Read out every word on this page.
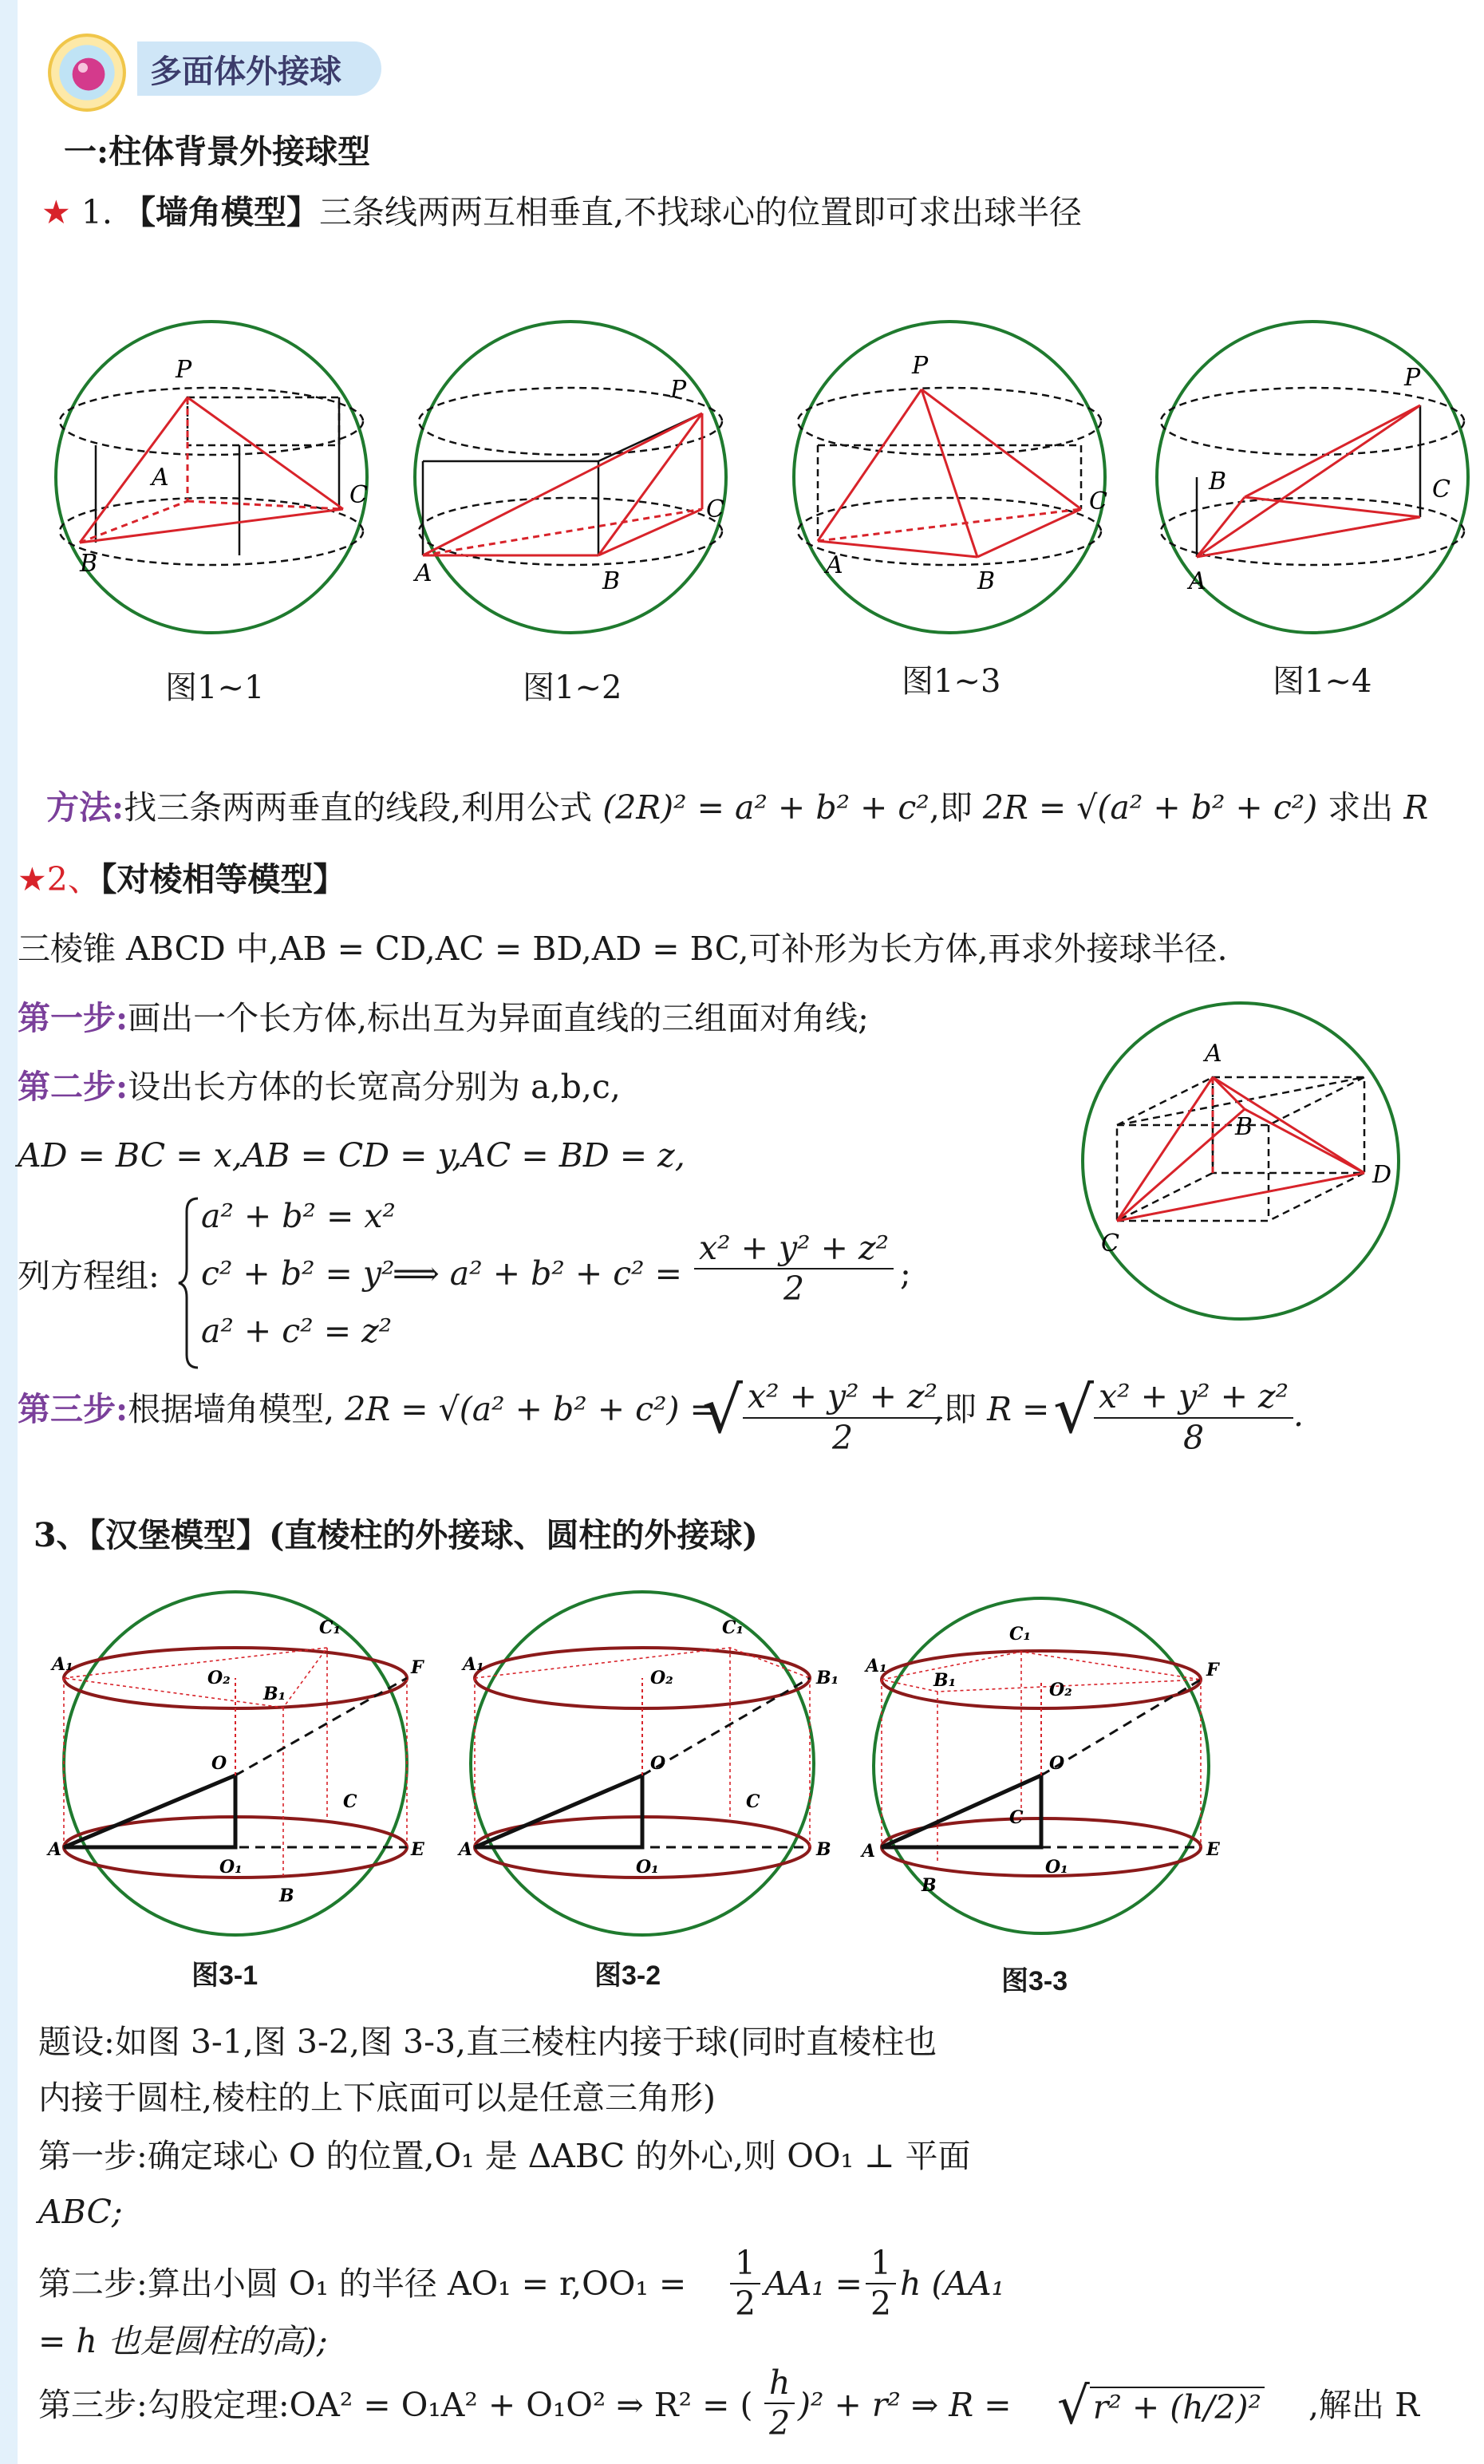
多面体外接球
一:柱体背景外接球型
★ 1. 【墙角模型】三条线两两互相垂直,不找球心的位置即可求出球半径
P
A
B
C
P
C
A	B
P
C
A
B
P
B	C
A
图1~1	图1~2	图1~3	图1~4
方法:找三条两两垂直的线段,利用公式 (2R)² = a² + b² + c²,即 2R = √(a² + b² + c²) 求出 R
★2、【对棱相等模型】
三棱锥 ABCD 中,AB = CD,AC = BD,AD = BC,可补形为长方体,再求外接球半径.
第一步:画出一个长方体,标出互为异面直线的三组面对角线;
第二步:设出长方体的长宽高分别为 a,b,c,
AD = BC = x,AB = CD = y,AC = BD = z,
列方程组:
a² + b² = x²
c² + b² = y²
a² + c² = z²
⟹ $a^2 + b^2 + c^2 = \frac{\text{x² + y² + z²}}{2}$ ;
A
B
D
C
第三步:根据墙角模型, 2R = √(a² + b² + c²) =
√ $\frac{\text{x² + y² + z²}}{2}$
,即 R = √ $\frac{\text{x² + y² + z²}}{8}$ .
3、【汉堡模型】(直棱柱的外接球、圆柱的外接球)
A₁
C₁
F
O₂
B₁
O
C
A	E
O₁
B
A₁
C₁
B₁
O₂
O
C
A	B
O₁
A₁
C₁
F
O₂
B₁
O
C
A	E
O₁
B
图3-1	图3-2	图3-3
题设:如图 3-1,图 3-2,图 3-3,直三棱柱内接于球(同时直棱柱也
内接于圆柱,棱柱的上下底面可以是任意三角形)
第一步:确定球心 O 的位置,O₁ 是 ΔABC 的外心,则 OO₁ ⊥ 平面
ABC;
第二步:算出小圆 O₁ 的半径 $AO_1 = r,OO_1 = \frac{1}{2} AA_1 = \frac{1}{2}$ h (AA₁
= h 也是圆柱的高);
第三步:勾股定理:OA² = O₁A² + O₁O² ⇒ R² = ( $\frac{h}{2} )^2 + r^2$ ⇒ R = √r² + (h/2)² ,解出 R
